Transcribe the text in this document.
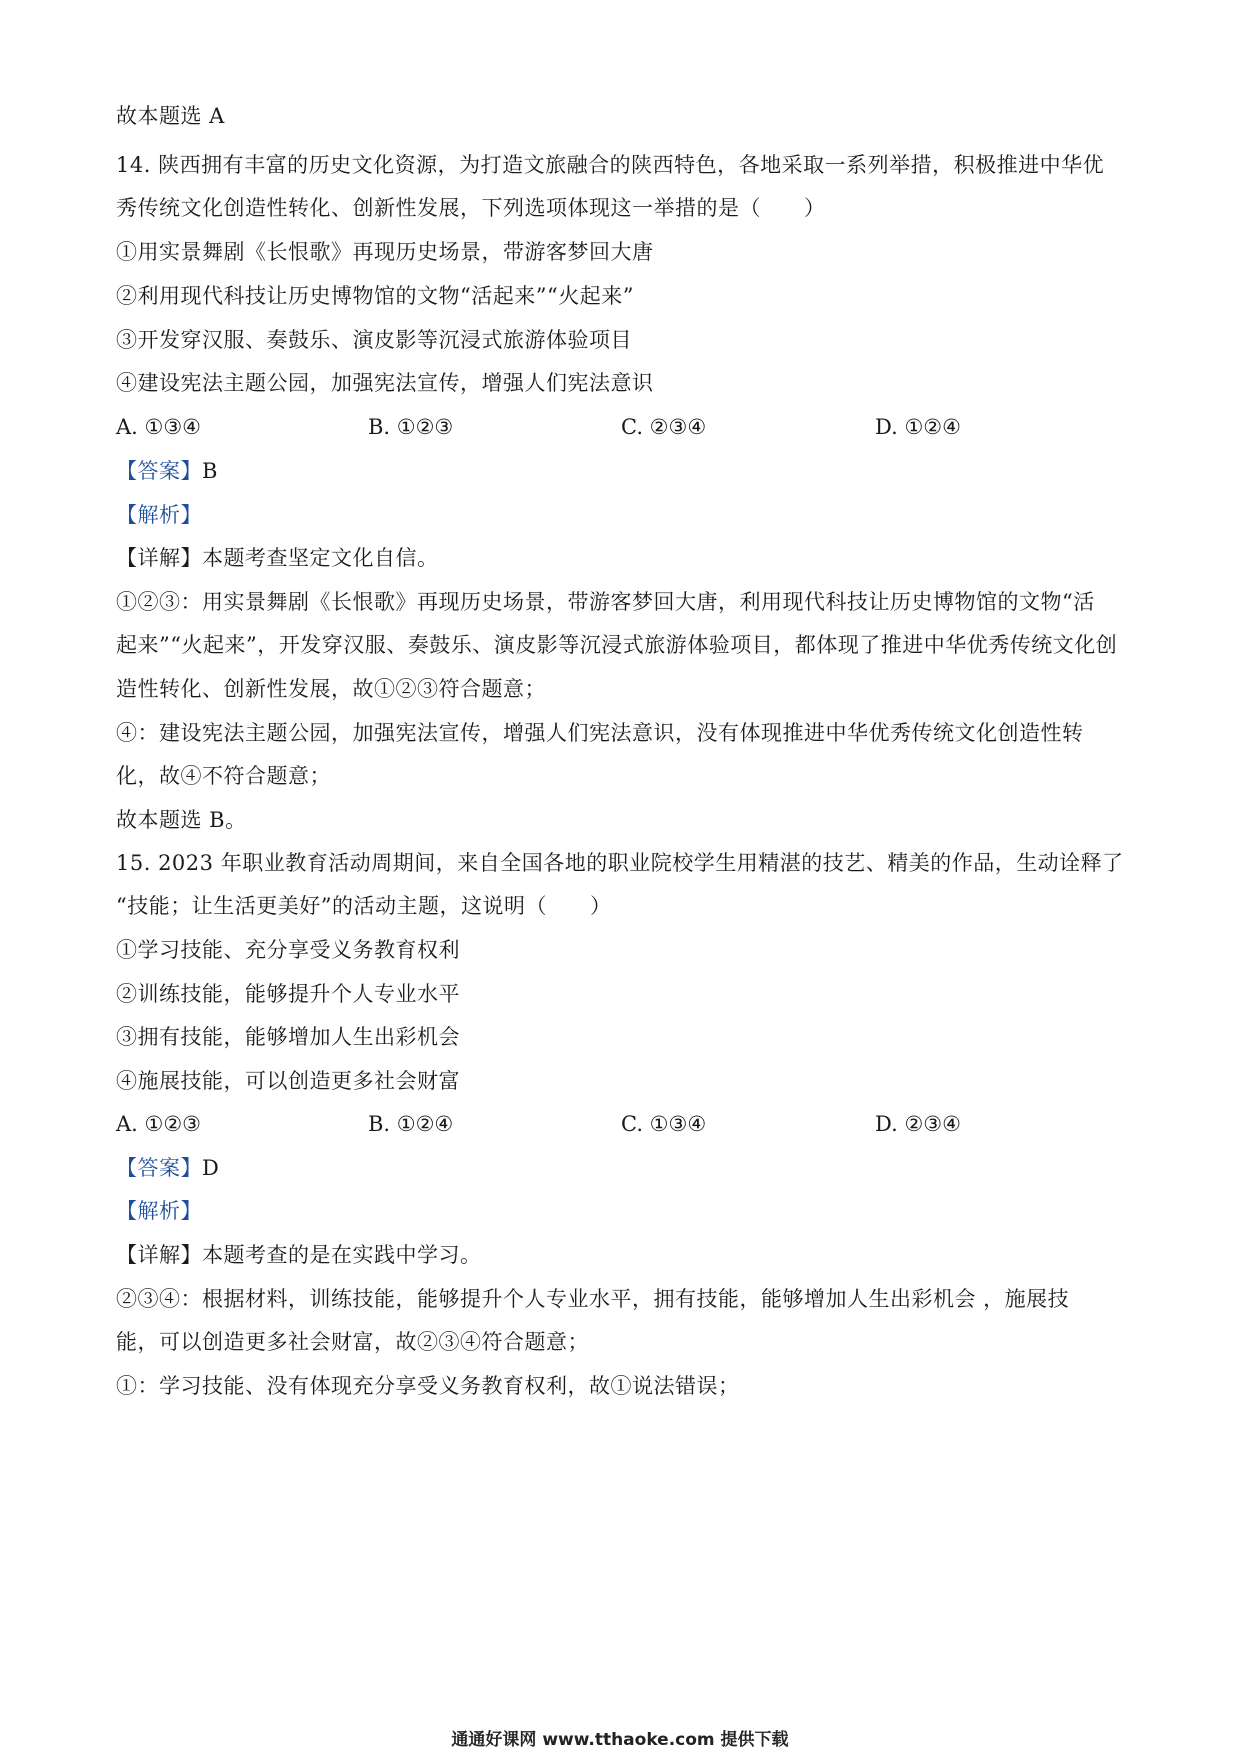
故本题选 A
14. 陕西拥有丰富的历史文化资源，为打造文旅融合的陕西特色，各地采取一系列举措，积极推进中华优
秀传统文化创造性转化、创新性发展，下列选项体现这一举措的是（　　）
①用实景舞剧《长恨歌》再现历史场景，带游客梦回大唐
②利用现代科技让历史博物馆的文物“活起来”“火起来”
③开发穿汉服、奏鼓乐、演皮影等沉浸式旅游体验项目
④建设宪法主题公园，加强宪法宣传，增强人们宪法意识
A. ①③④	B. ①②③	C. ②③④	D. ①②④
【答案】B
【解析】
【详解】本题考查坚定文化自信。
①②③：用实景舞剧《长恨歌》再现历史场景，带游客梦回大唐，利用现代科技让历史博物馆的文物“活
起来”“火起来”，开发穿汉服、奏鼓乐、演皮影等沉浸式旅游体验项目，都体现了推进中华优秀传统文化创
造性转化、创新性发展，故①②③符合题意；
④：建设宪法主题公园，加强宪法宣传，增强人们宪法意识，没有体现推进中华优秀传统文化创造性转
化，故④不符合题意；
故本题选 B。
15. 2023 年职业教育活动周期间，来自全国各地的职业院校学生用精湛的技艺、精美的作品，生动诠释了
“技能；让生活更美好”的活动主题，这说明（　　）
①学习技能、充分享受义务教育权利
②训练技能，能够提升个人专业水平
③拥有技能，能够增加人生出彩机会
④施展技能，可以创造更多社会财富
A. ①②③	B. ①②④	C. ①③④	D. ②③④
【答案】D
【解析】
【详解】本题考查的是在实践中学习。
②③④：根据材料，训练技能，能够提升个人专业水平，拥有技能，能够增加人生出彩机会 ，施展技
能，可以创造更多社会财富，故②③④符合题意；
①：学习技能、没有体现充分享受义务教育权利，故①说法错误；
通通好课网 www.tthaoke.com 提供下载
